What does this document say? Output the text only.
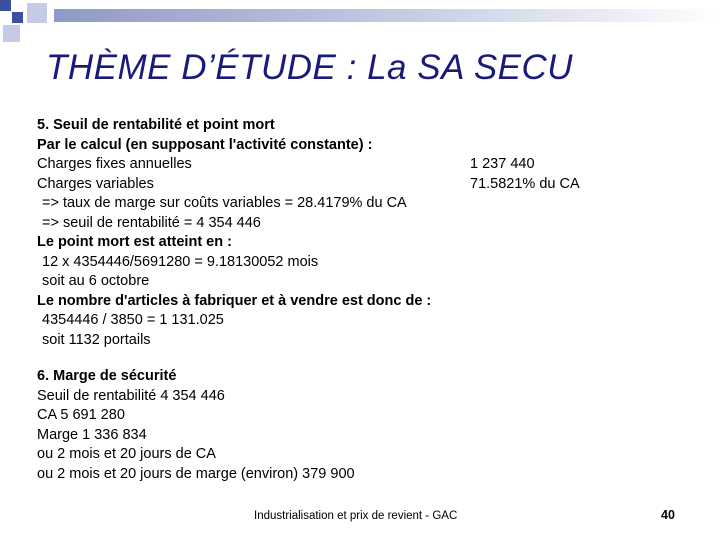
THÈME D’ÉTUDE : La SA SECU
5. Seuil de rentabilité et point mort
Par le calcul (en supposant l'activité constante) :
Charges fixes annuelles	1 237 440
Charges variables	71.5821% du CA
=> taux de marge sur coûts variables = 28.4179% du CA
=> seuil de rentabilité = 4 354 446
Le point mort est atteint en :
12 x 4354446/5691280 = 9.18130052 mois
soit au 6 octobre
Le nombre d'articles à fabriquer et à vendre est donc de :
4354446 / 3850 = 1 131.025
soit 1132 portails
6. Marge de sécurité
Seuil de rentabilité 4 354 446
CA 5 691 280
Marge 1 336 834
ou 2 mois et 20 jours de CA
ou 2 mois et 20 jours de marge (environ) 379 900
Industrialisation et prix de revient - GAC	40
